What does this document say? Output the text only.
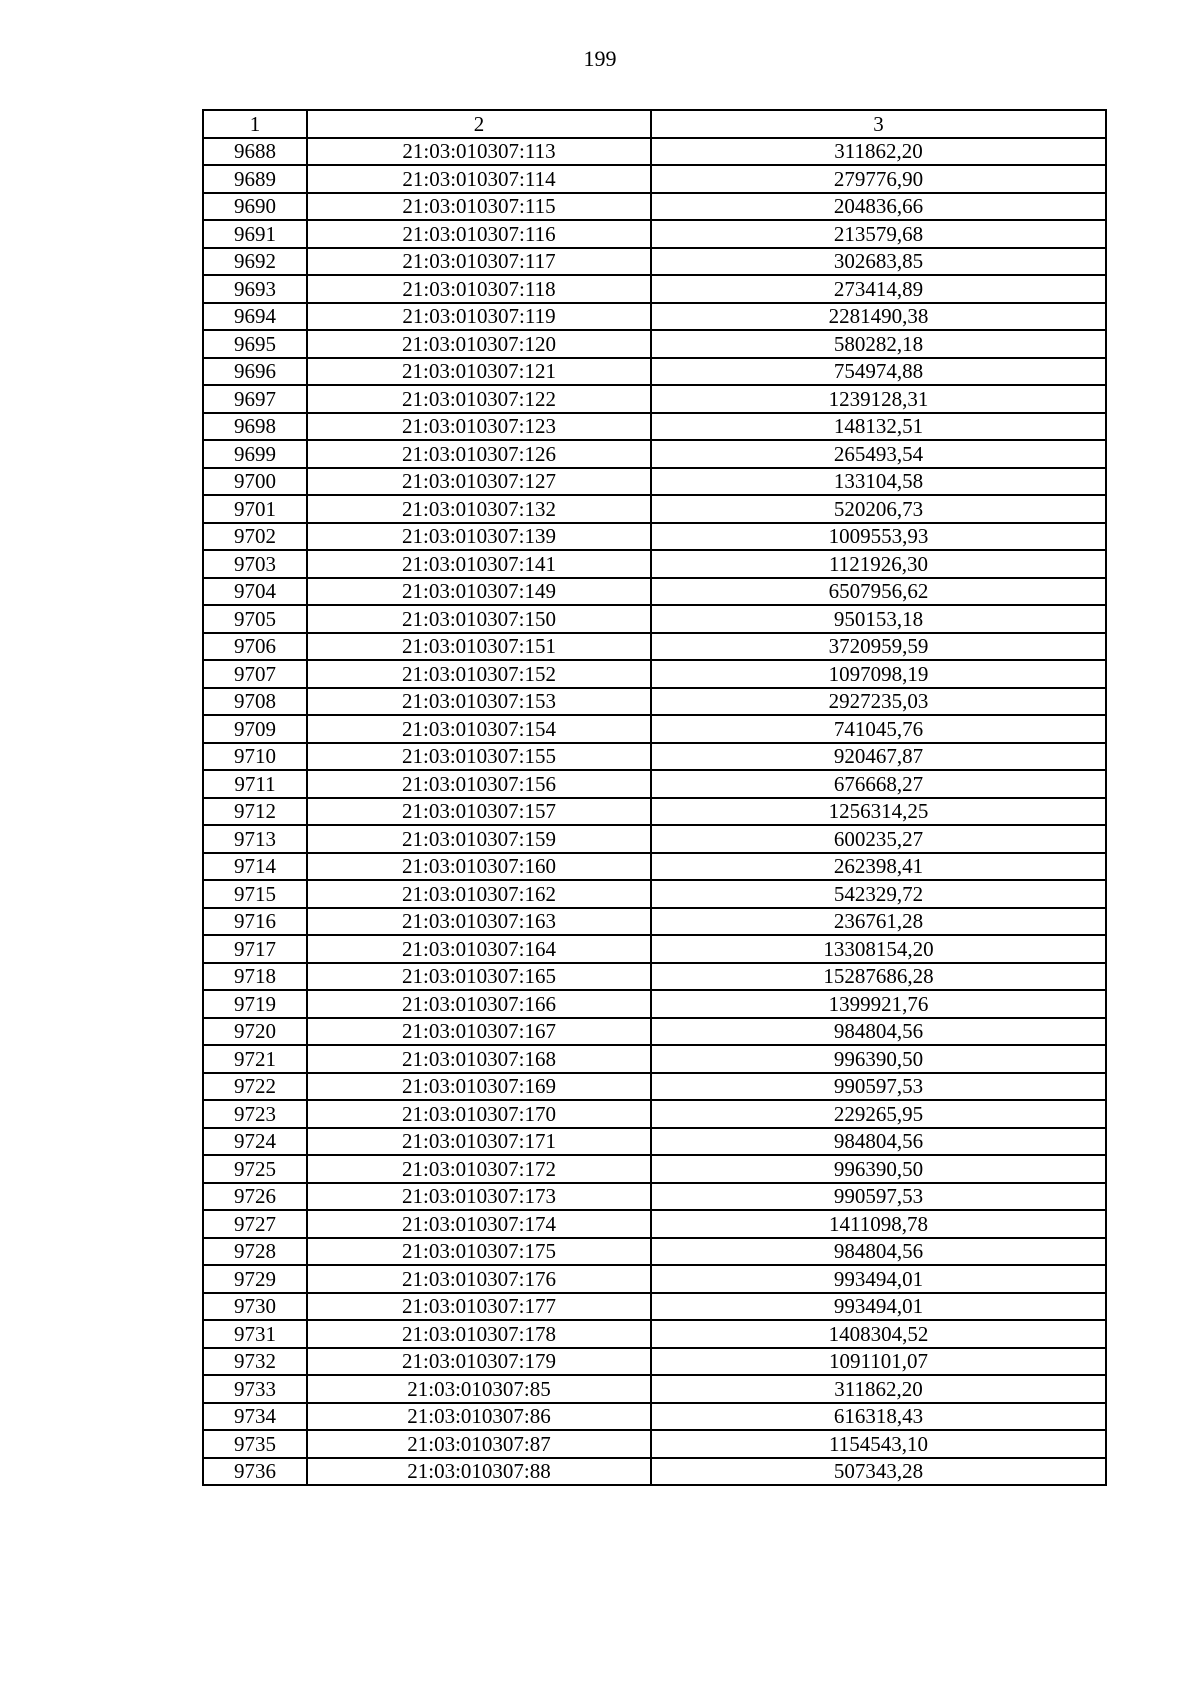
199
1	2	3
9688	21:03:010307:113	311862,20
9689	21:03:010307:114	279776,90
9690	21:03:010307:115	204836,66
9691	21:03:010307:116	213579,68
9692	21:03:010307:117	302683,85
9693	21:03:010307:118	273414,89
9694	21:03:010307:119	2281490,38
9695	21:03:010307:120	580282,18
9696	21:03:010307:121	754974,88
9697	21:03:010307:122	1239128,31
9698	21:03:010307:123	148132,51
9699	21:03:010307:126	265493,54
9700	21:03:010307:127	133104,58
9701	21:03:010307:132	520206,73
9702	21:03:010307:139	1009553,93
9703	21:03:010307:141	1121926,30
9704	21:03:010307:149	6507956,62
9705	21:03:010307:150	950153,18
9706	21:03:010307:151	3720959,59
9707	21:03:010307:152	1097098,19
9708	21:03:010307:153	2927235,03
9709	21:03:010307:154	741045,76
9710	21:03:010307:155	920467,87
9711	21:03:010307:156	676668,27
9712	21:03:010307:157	1256314,25
9713	21:03:010307:159	600235,27
9714	21:03:010307:160	262398,41
9715	21:03:010307:162	542329,72
9716	21:03:010307:163	236761,28
9717	21:03:010307:164	13308154,20
9718	21:03:010307:165	15287686,28
9719	21:03:010307:166	1399921,76
9720	21:03:010307:167	984804,56
9721	21:03:010307:168	996390,50
9722	21:03:010307:169	990597,53
9723	21:03:010307:170	229265,95
9724	21:03:010307:171	984804,56
9725	21:03:010307:172	996390,50
9726	21:03:010307:173	990597,53
9727	21:03:010307:174	1411098,78
9728	21:03:010307:175	984804,56
9729	21:03:010307:176	993494,01
9730	21:03:010307:177	993494,01
9731	21:03:010307:178	1408304,52
9732	21:03:010307:179	1091101,07
9733	21:03:010307:85	311862,20
9734	21:03:010307:86	616318,43
9735	21:03:010307:87	1154543,10
9736	21:03:010307:88	507343,28
